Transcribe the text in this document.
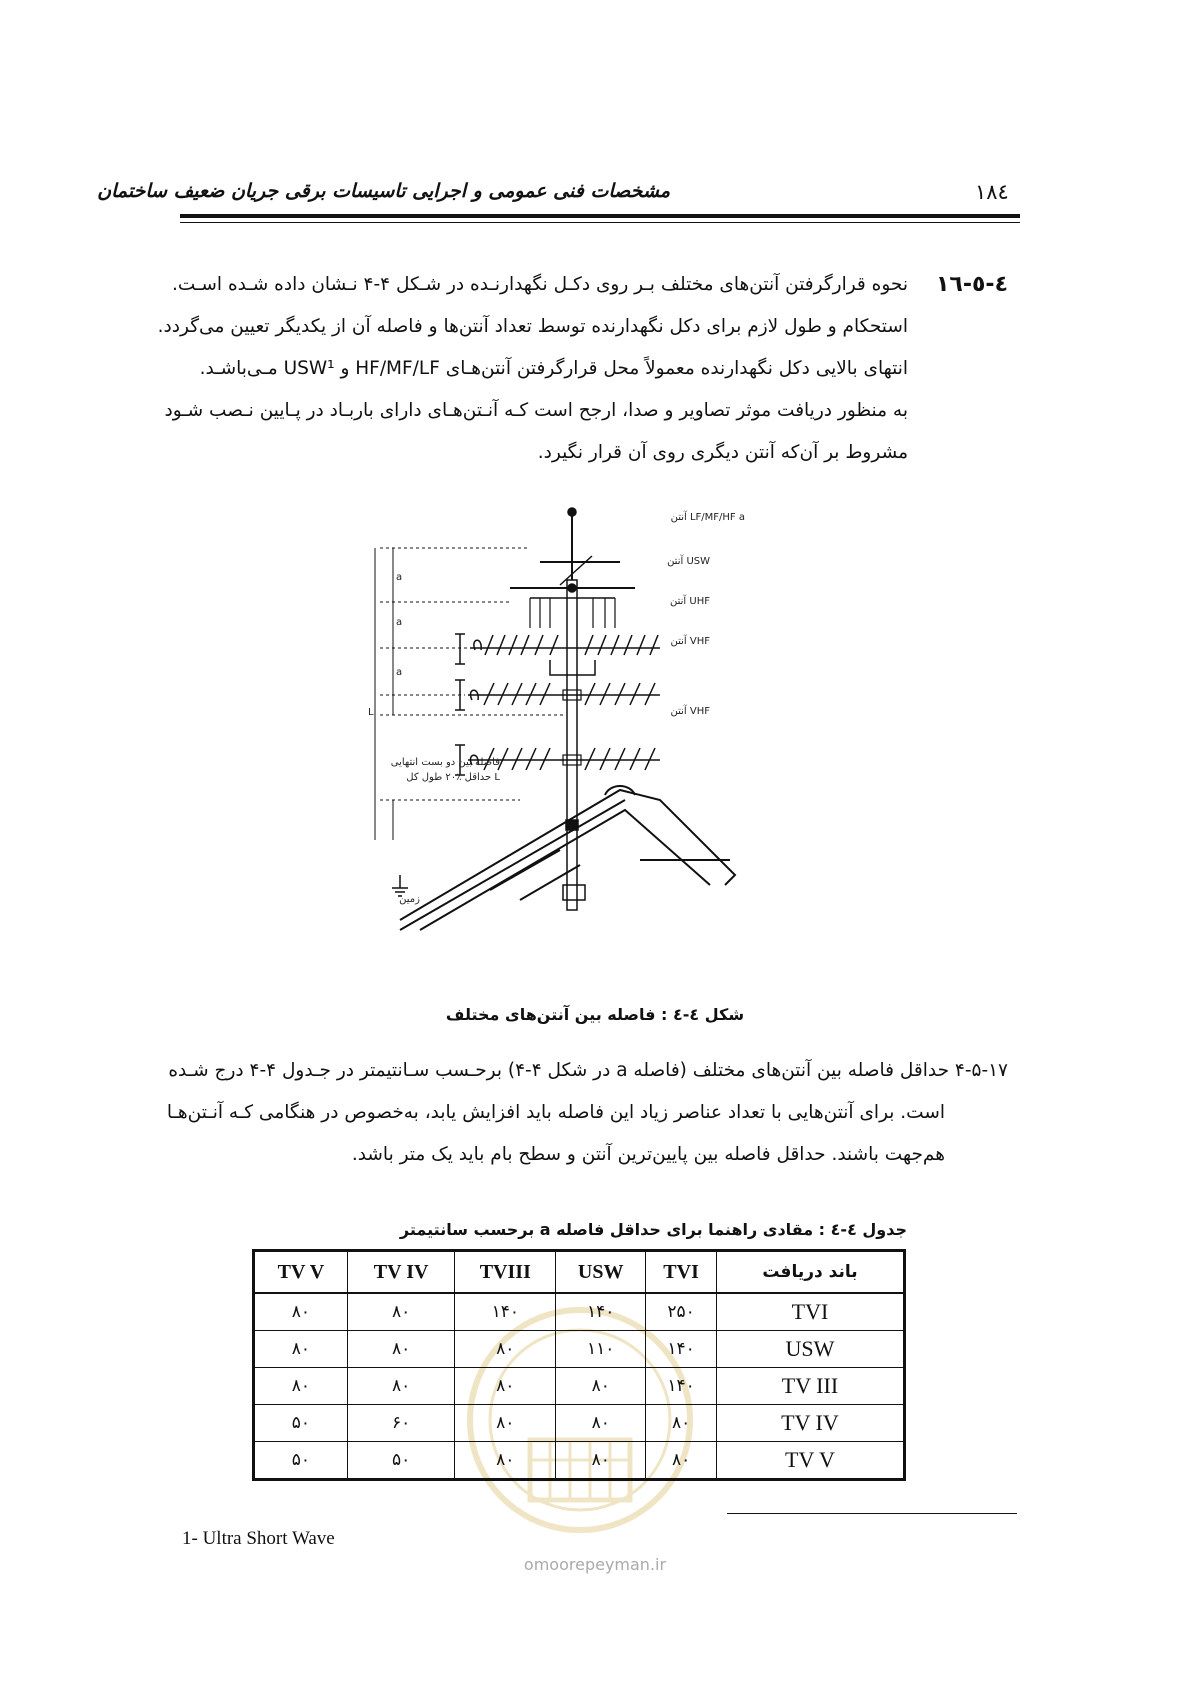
۱۸٤
مشخصات فنی عمومی و اجرایی تاسیسات برقی جریان ضعیف ساختمان
٤-٥-١٦
نحوه قرارگرفتن آنتن‌های مختلف بـر روی دکـل نگهدارنـده در شـکل ۴-۴ نـشان داده شـده اسـت.
استحکام و طول لازم برای دکل نگهدارنده توسط تعداد آنتن‌ها و فاصله آن از یکدیگر تعیین می‌گردد.
انتهای بالایی دکل نگهدارنده معمولاً محل قرارگرفتن آنتن‌هـای HF/MF/LF و USW¹ مـی‌باشـد.
به منظور دریافت موثر تصاویر و صدا، ارجح است کـه آنـتن‌هـای دارای باربـاد در پـایین نـصب شـود
مشروط بر آن‌که آنتن دیگری روی آن قرار نگیرد.
آنتن LF/MF/HF a
آنتن USW
آنتن UHF
آنتن VHF
آنتن VHF
فاصله بین دو بست انتهایی
حداقل ٪۲۰ طول کل L
زمین
a
a
a
L
شکل ٤-٤ : فاصله بین آنتن‌های مختلف
۴-۵-۱۷ حداقل فاصله بین آنتن‌های مختلف (فاصله a در شکل ۴-۴) برحـسب سـانتیمتر در جـدول ۴-۴ درج شـده
است. برای آنتن‌هایی با تعداد عناصر زیاد این فاصله باید افزایش یابد، به‌خصوص در هنگامی کـه آنـتن‌هـا
هم‌جهت باشند. حداقل فاصله بین پایین‌ترین آنتن و سطح بام باید یک متر باشد.
جدول ٤-٤ : مقادی راهنما برای حداقل فاصله a برحسب سانتیمتر
باند دریافت	TVI	USW	TVIII	TV IV	TV V
TVI	۲۵۰	۱۴۰	۱۴۰	۸۰	۸۰
USW	۱۴۰	۱۱۰	۸۰	۸۰	۸۰
TV III	۱۴۰	۸۰	۸۰	۸۰	۸۰
TV IV	۸۰	۸۰	۸۰	۶۰	۵۰
TV V	۸۰	۸۰	۸۰	۵۰	۵۰
1- Ultra Short Wave
omoorepeyman.ir
